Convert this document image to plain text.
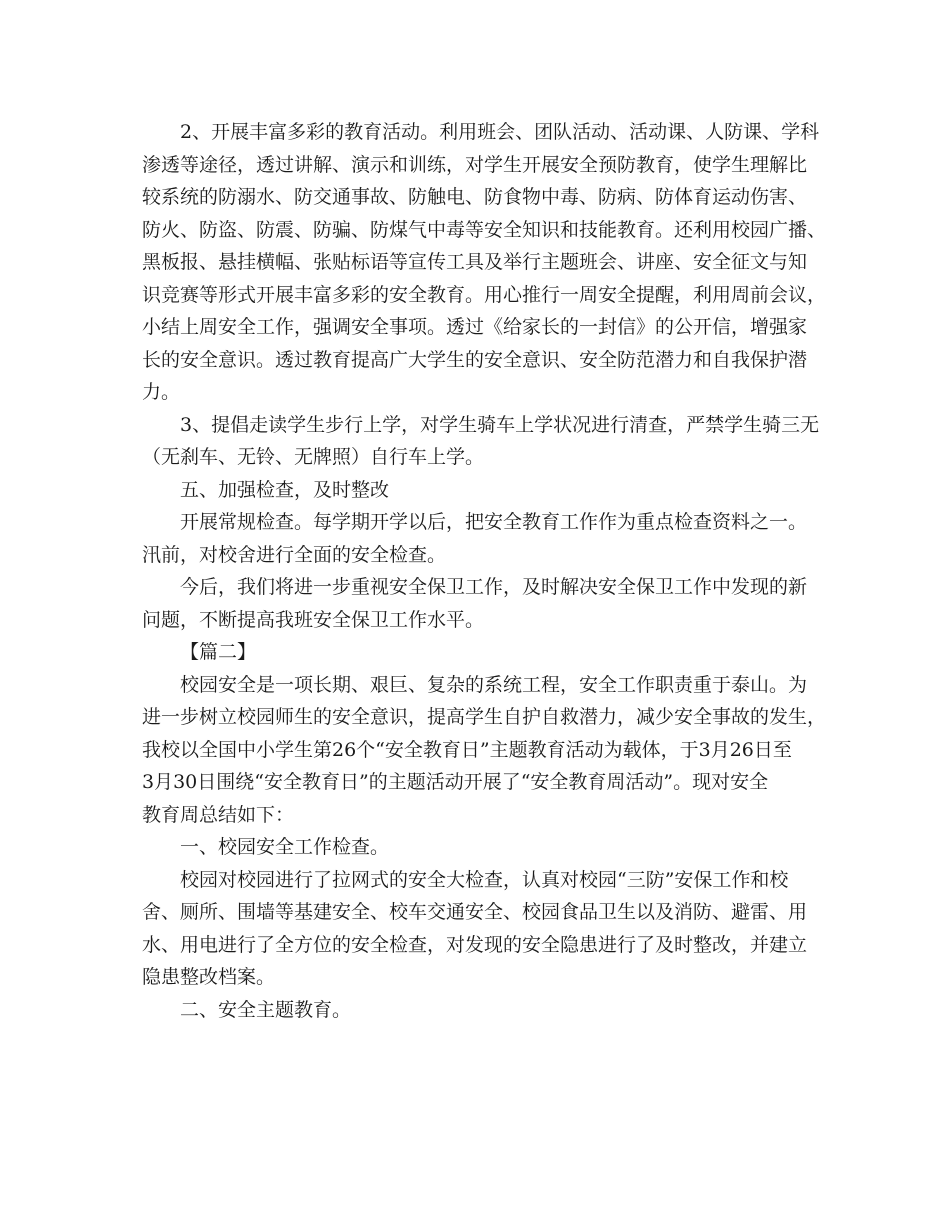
2、开展丰富多彩的教育活动。利用班会、团队活动、活动课、人防课、学科
渗透等途径，透过讲解、演示和训练，对学生开展安全预防教育，使学生理解比
较系统的防溺水、防交通事故、防触电、防食物中毒、防病、防体育运动伤害、
防火、防盗、防震、防骗、防煤气中毒等安全知识和技能教育。还利用校园广播、
黑板报、悬挂横幅、张贴标语等宣传工具及举行主题班会、讲座、安全征文与知
识竞赛等形式开展丰富多彩的安全教育。用心推行一周安全提醒，利用周前会议，
小结上周安全工作，强调安全事项。透过《给家长的一封信》的公开信，增强家
长的安全意识。透过教育提高广大学生的安全意识、安全防范潜力和自我保护潜
力。
3、提倡走读学生步行上学，对学生骑车上学状况进行清查，严禁学生骑三无
（无刹车、无铃、无牌照）自行车上学。
五、加强检查，及时整改
开展常规检查。每学期开学以后，把安全教育工作作为重点检查资料之一。
汛前，对校舍进行全面的安全检查。
今后，我们将进一步重视安全保卫工作，及时解决安全保卫工作中发现的新
问题，不断提高我班安全保卫工作水平。
【篇二】
校园安全是一项长期、艰巨、复杂的系统工程，安全工作职责重于泰山。为
进一步树立校园师生的安全意识，提高学生自护自救潜力，减少安全事故的发生，
我校以全国中小学生第26个“安全教育日”主题教育活动为载体，于3月26日至
3月30日围绕“安全教育日”的主题活动开展了“安全教育周活动”。现对安全
教育周总结如下：
一、校园安全工作检查。
校园对校园进行了拉网式的安全大检查，认真对校园“三防”安保工作和校
舍、厕所、围墙等基建安全、校车交通安全、校园食品卫生以及消防、避雷、用
水、用电进行了全方位的安全检查，对发现的安全隐患进行了及时整改，并建立
隐患整改档案。
二、安全主题教育。
